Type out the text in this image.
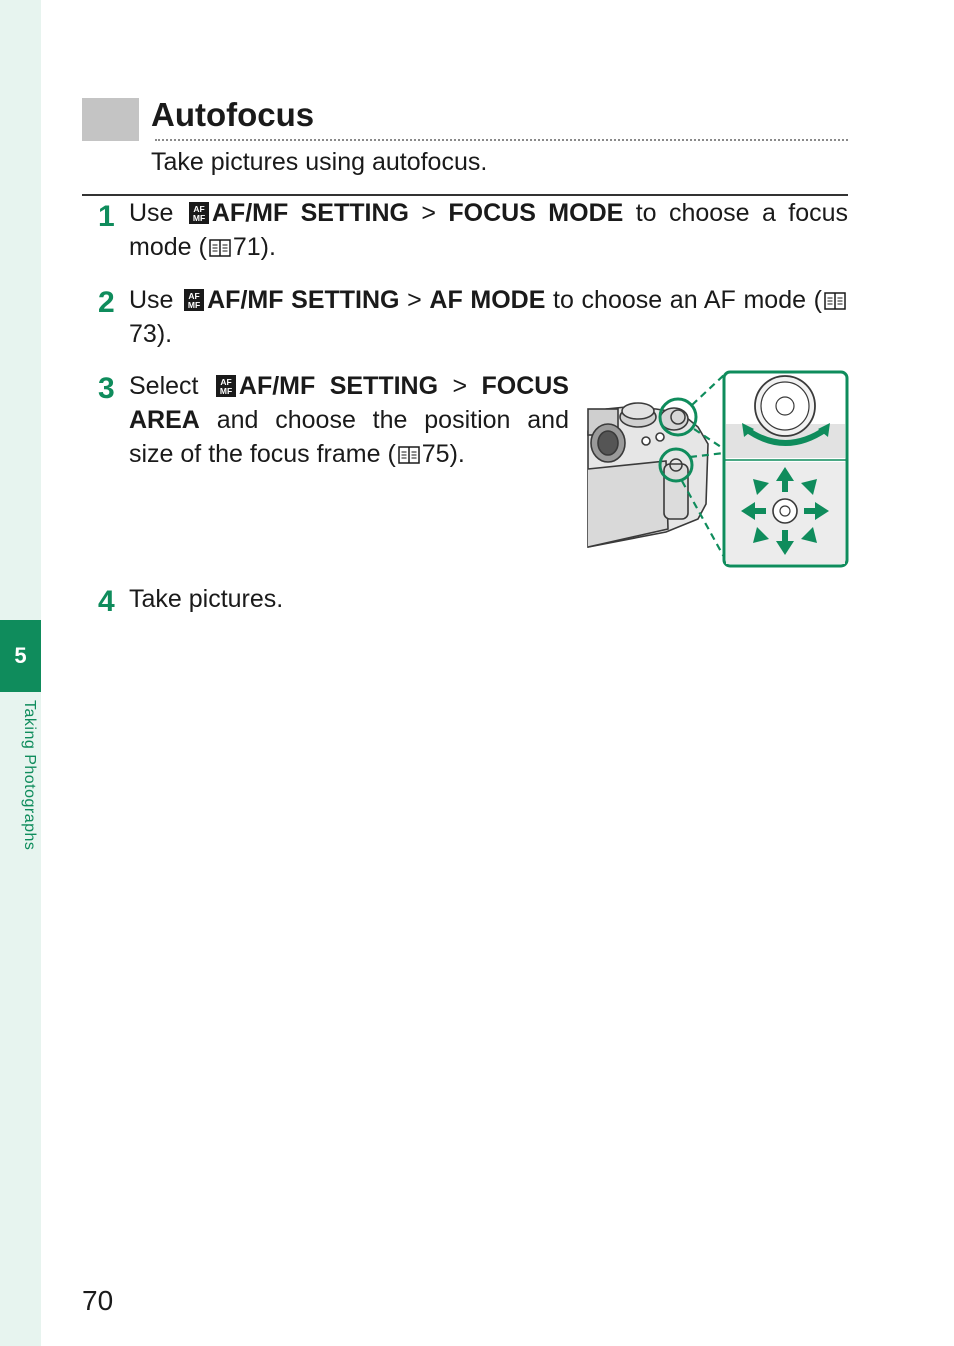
5
Taking Photographs
Autofocus
Take pictures using autofocus.
1 Use AF
MF AF/MF SETTING > FOCUS MODE to choose a focus mode ( 71).
2 Use AF
MF AF/MF SETTING > AF MODE to choose an AF mode (73).
3 Select	AF
MF AF/MF SETTING > FOCUS AREA and choose the position and size of the focus frame ( 75).
4 Take pictures.
70
